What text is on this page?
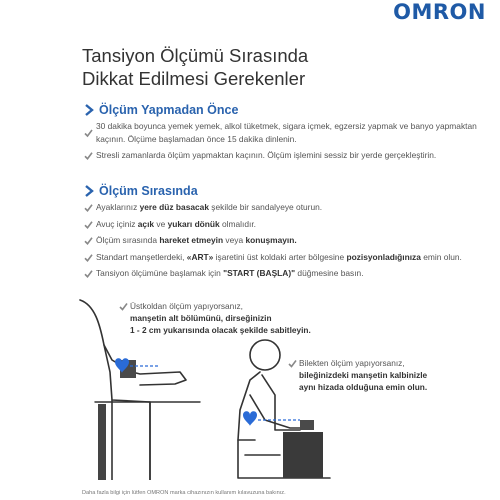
OMRON
Tansiyon Ölçümü Sırasında
Dikkat Edilmesi Gerekenler
Ölçüm Yapmadan Önce
30 dakika boyunca yemek yemek, alkol tüketmek, sigara içmek, egzersiz yapmak ve banyo yapmaktan kaçının. Ölçüme başlamadan önce 15 dakika dinlenin.
Stresli zamanlarda ölçüm yapmaktan kaçının. Ölçüm işlemini sessiz bir yerde gerçekleştirin.
Ölçüm Sırasında
Ayaklarınız yere düz basacak şekilde bir sandalyeye oturun.
Avuç içiniz açık ve yukarı dönük olmalıdır.
Ölçüm sırasında hareket etmeyin veya konuşmayın.
Standart manşetlerdeki, «ART» işaretini üst koldaki arter bölgesine pozisyonladığınıza emin olun.
Tansiyon ölçümüne başlamak için "START (BAŞLA)" düğmesine basın.
Üstkoldan ölçüm yapıyorsanız,
manşetin alt bölümünü, dirseğinizin
1 - 2 cm yukarısında olacak şekilde sabitleyin.
Bilekten ölçüm yapıyorsanız,
bileğinizdeki manşetin kalbinizle
aynı hizada olduğuna emin olun.
Daha fazla bilgi için lütfen OMRON marka cihazınızın kullanım kılavuzuna bakınız.
